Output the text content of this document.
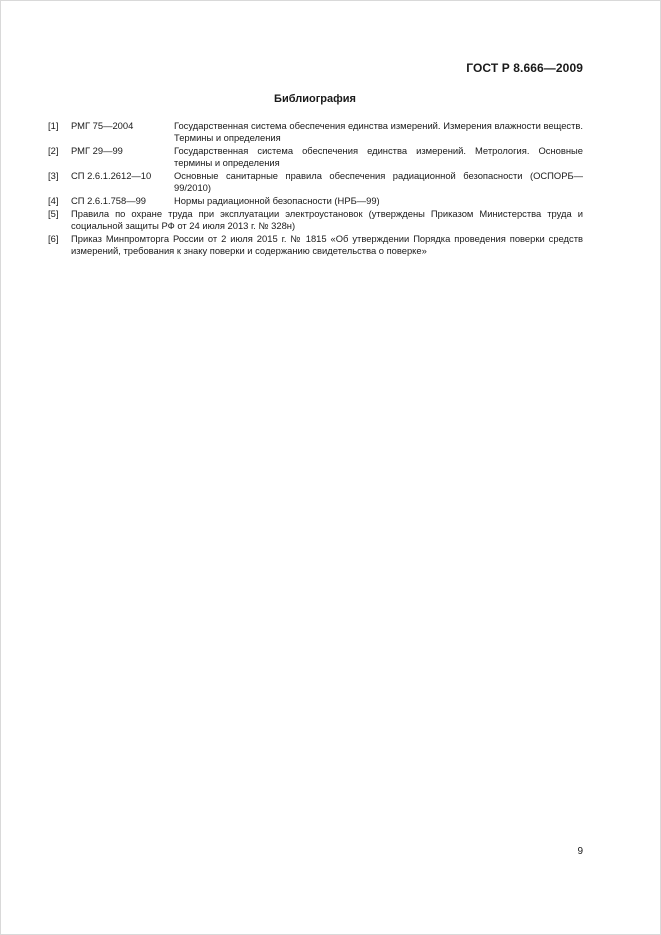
ГОСТ Р 8.666—2009
Библиография
[1] РМГ 75—2004	Государственная система обеспечения единства измерений. Измерения влажности веществ. Термины и определения
[2] РМГ 29—99	Государственная система обеспечения единства измерений. Метрология. Основные термины и определения
[3] СП 2.6.1.2612—10 Основные санитарные правила обеспечения радиационной безопасности (ОСПОРБ—99/2010)
[4] СП 2.6.1.758—99	Нормы радиационной безопасности (НРБ—99)
[5] Правила по охране труда при эксплуатации электроустановок (утверждены Приказом Министерства труда и социальной защиты РФ от 24 июля 2013 г. № 328н)
[6] Приказ Минпромторга России от 2 июля 2015 г. № 1815 «Об утверждении Порядка проведения поверки средств измерений, требования к знаку поверки и содержанию свидетельства о поверке»
9
